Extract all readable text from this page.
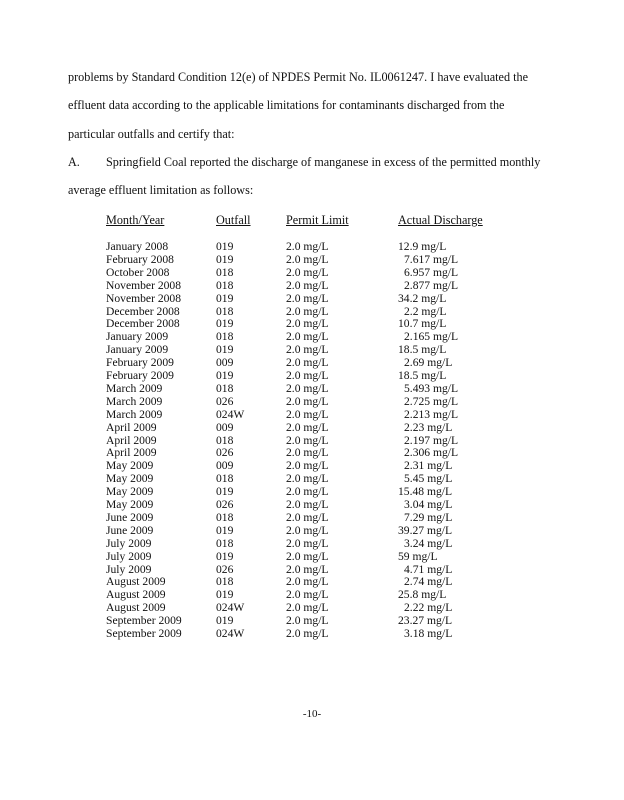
problems by Standard Condition 12(e) of NPDES Permit No. IL0061247. I have evaluated the
effluent data according to the applicable limitations for contaminants discharged from the
particular outfalls and certify that:
A. Springfield Coal reported the discharge of manganese in excess of the permitted monthly
average effluent limitation as follows:
Month/Year	Outfall	Permit Limit	Actual Discharge
January 2008	019	2.0 mg/L	12.9 mg/L
February 2008	019	2.0 mg/L	7.617 mg/L
October 2008	018	2.0 mg/L	6.957 mg/L
November 2008	018	2.0 mg/L	2.877 mg/L
November 2008	019	2.0 mg/L	34.2 mg/L
December 2008	018	2.0 mg/L	2.2 mg/L
December 2008	019	2.0 mg/L	10.7 mg/L
January 2009	018	2.0 mg/L	2.165 mg/L
January 2009	019	2.0 mg/L	18.5 mg/L
February 2009	009	2.0 mg/L	2.69 mg/L
February 2009	019	2.0 mg/L	18.5 mg/L
March 2009	018	2.0 mg/L	5.493 mg/L
March 2009	026	2.0 mg/L	2.725 mg/L
March 2009	024W	2.0 mg/L	2.213 mg/L
April 2009	009	2.0 mg/L	2.23 mg/L
April 2009	018	2.0 mg/L	2.197 mg/L
April 2009	026	2.0 mg/L	2.306 mg/L
May 2009	009	2.0 mg/L	2.31 mg/L
May 2009	018	2.0 mg/L	5.45 mg/L
May 2009	019	2.0 mg/L	15.48 mg/L
May 2009	026	2.0 mg/L	3.04 mg/L
June 2009	018	2.0 mg/L	7.29 mg/L
June 2009	019	2.0 mg/L	39.27 mg/L
July 2009	018	2.0 mg/L	3.24 mg/L
July 2009	019	2.0 mg/L	59 mg/L
July 2009	026	2.0 mg/L	4.71 mg/L
August 2009	018	2.0 mg/L	2.74 mg/L
August 2009	019	2.0 mg/L	25.8 mg/L
August 2009	024W	2.0 mg/L	2.22 mg/L
September 2009	019	2.0 mg/L	23.27 mg/L
September 2009	024W	2.0 mg/L	3.18 mg/L
-10-
